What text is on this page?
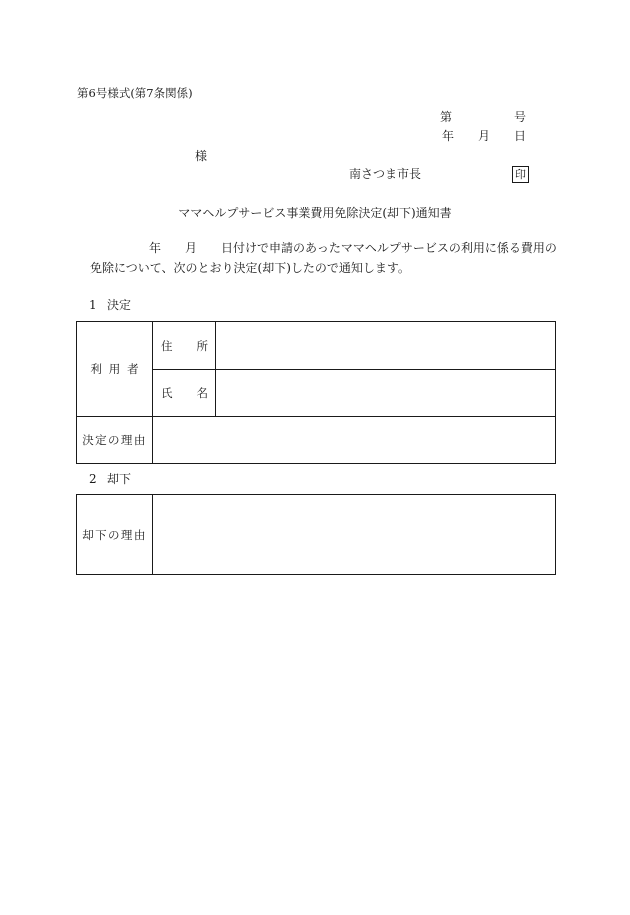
第6号様式(第7条関係)
第	号
年 月 日
様
南さつま市長	印
ママヘルプサービス事業費用免除決定(却下)通知書
年 月 日付けで申請のあったママヘルプサービスの利用に係る費用の
免除について、次のとおり決定(却下)したので通知します。
1 決定
利用者	住 所	

	氏 名	

決定の理由		
2 却下
却下の理由	
